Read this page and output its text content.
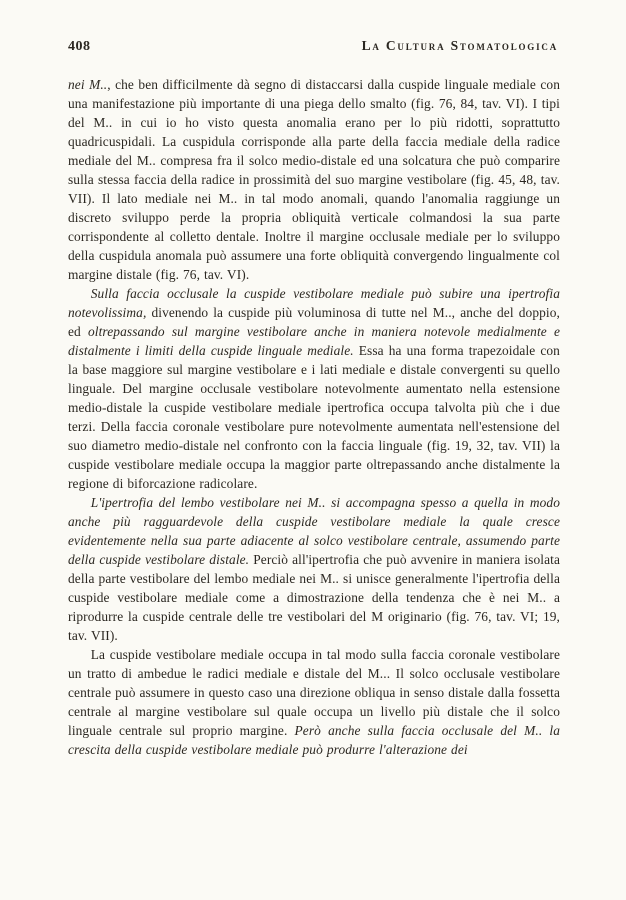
408	La Cultura Stomatologica

nei M.., che ben difficilmente dà segno di distaccarsi dalla cuspide linguale mediale con una manifestazione più importante di una piega dello smalto (fig. 76, 84, tav. VI). I tipi del M.. in cui io ho visto questa anomalia erano per lo più ridotti, soprattutto quadricuspidali. La cuspidula corrisponde alla parte della faccia mediale della radice mediale del M.. compresa fra il solco medio-distale ed una solcatura che può comparire sulla stessa faccia della radice in prossimità del suo margine vestibolare (fig. 45, 48, tav. VII). Il lato mediale nei M.. in tal modo anomali, quando l'anomalia raggiunge un discreto sviluppo perde la propria obliquità verticale colmandosi la sua parte corrispondente al colletto dentale. Inoltre il margine occlusale mediale per lo sviluppo della cuspidula anomala può assumere una forte obliquità convergendo lingualmente col margine distale (fig. 76, tav. VI).

Sulla faccia occlusale la cuspide vestibolare mediale può subire una ipertrofia notevolissima, divenendo la cuspide più voluminosa di tutte nel M.., anche del doppio, ed oltrepassando sul margine vestibolare anche in maniera notevole medialmente e distalmente i limiti della cuspide linguale mediale. Essa ha una forma trapezoidale con la base maggiore sul margine vestibolare e i lati mediale e distale convergenti su quello linguale. Del margine occlusale vestibolare notevolmente aumentato nella estensione medio-distale la cuspide vestibolare mediale ipertrofica occupa talvolta più che i due terzi. Della faccia coronale vestibolare pure notevolmente aumentata nell'estensione del suo diametro medio-distale nel confronto con la faccia linguale (fig. 19, 32, tav. VII) la cuspide vestibolare mediale occupa la maggior parte oltrepassando anche distalmente la regione di biforcazione radicolare.

L'ipertrofia del lembo vestibolare nei M.. si accompagna spesso a quella in modo anche più ragguardevole della cuspide vestibolare mediale la quale cresce evidentemente nella sua parte adiacente al solco vestibolare centrale, assumendo parte della cuspide vestibolare distale. Perciò all'ipertrofia che può avvenire in maniera isolata della parte vestibolare del lembo mediale nei M.. si unisce generalmente l'ipertrofia della cuspide vestibolare mediale come a dimostrazione della tendenza che è nei M.. a riprodurre la cuspide centrale delle tre vestibolari del M originario (fig. 76, tav. VI; 19, tav. VII).

La cuspide vestibolare mediale occupa in tal modo sulla faccia coronale vestibolare un tratto di ambedue le radici mediale e distale del M... Il solco occlusale vestibolare centrale può assumere in questo caso una direzione obliqua in senso distale dalla fossetta centrale al margine vestibolare sul quale occupa un livello più distale che il solco linguale centrale sul proprio margine. Però anche sulla faccia occlusale del M.. la crescita della cuspide vestibolare mediale può produrre l'alterazione dei
